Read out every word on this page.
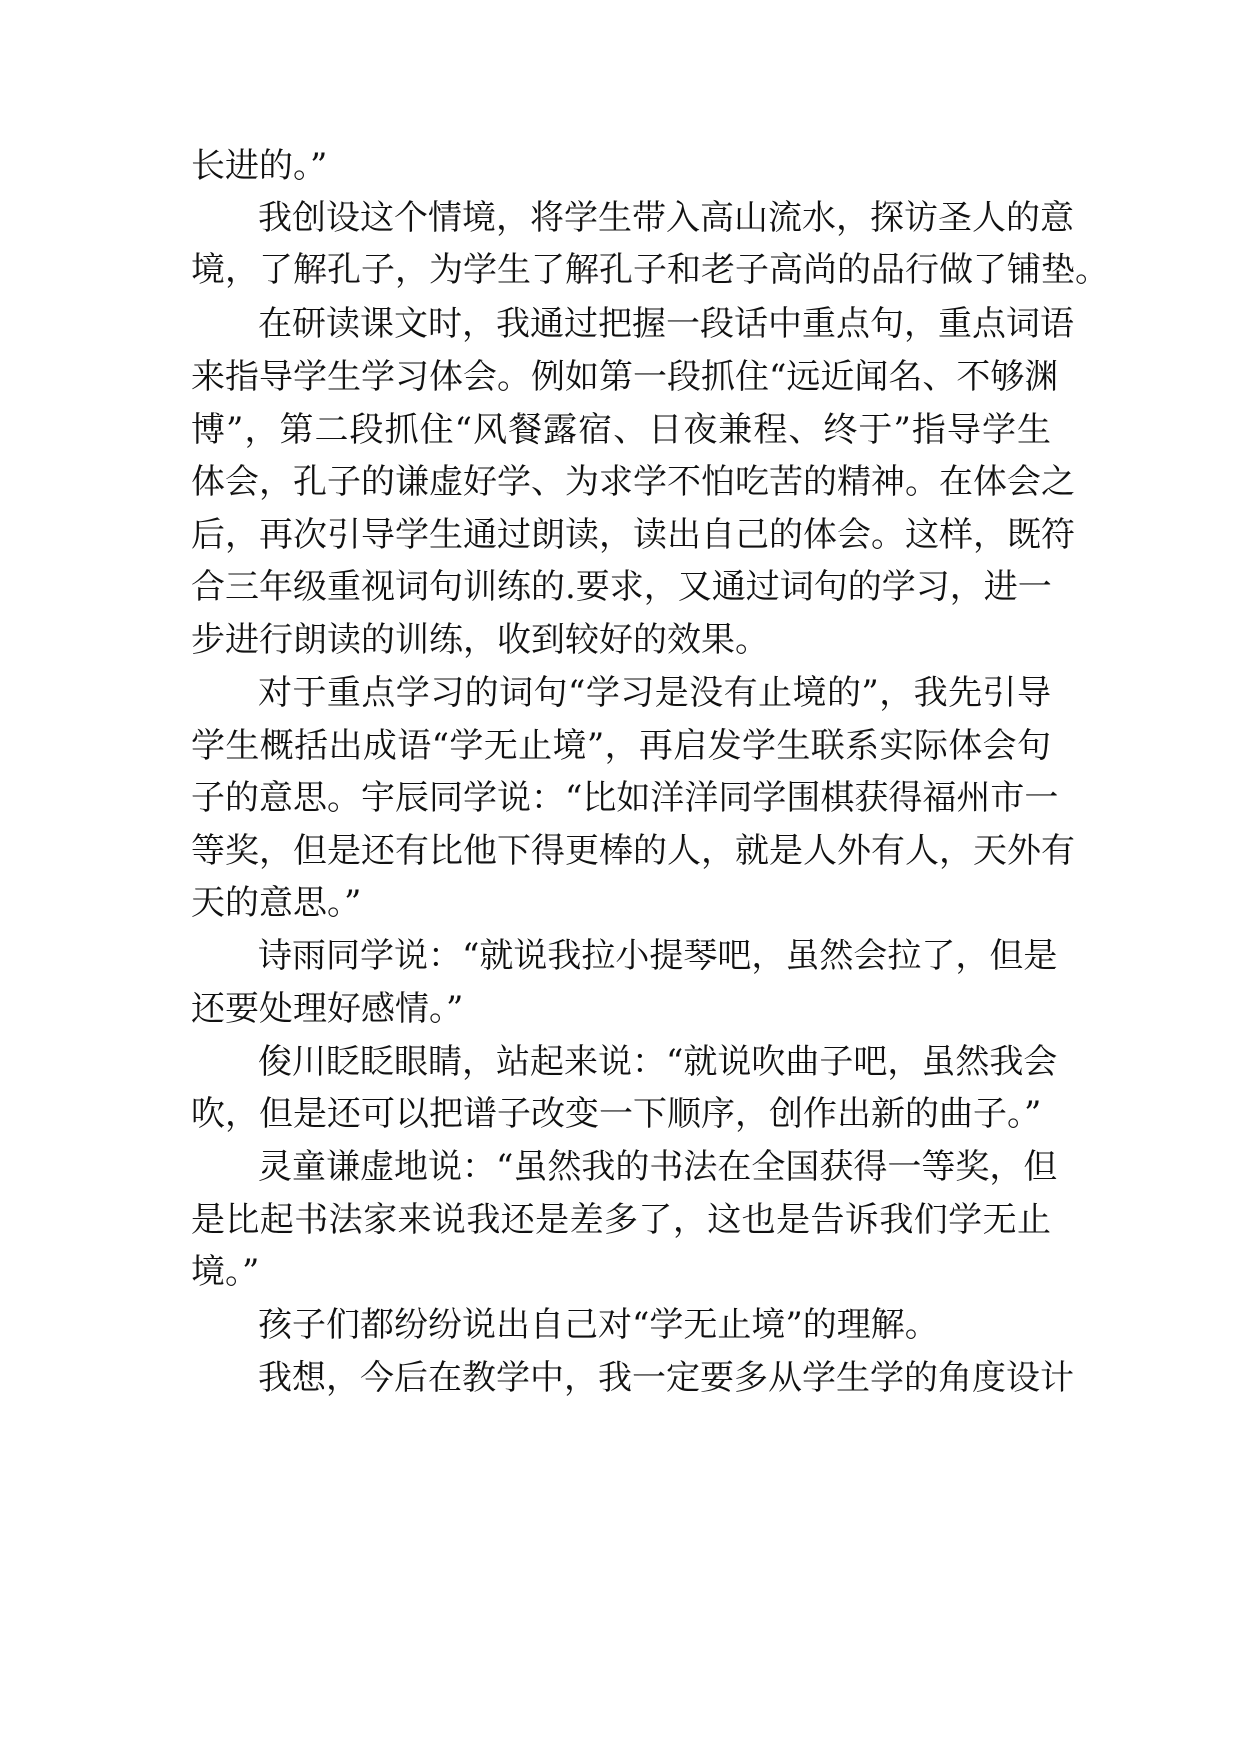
长进的。”
我创设这个情境，将学生带入高山流水，探访圣人的意
境，了解孔子，为学生了解孔子和老子高尚的品行做了铺垫。
在研读课文时，我通过把握一段话中重点句，重点词语
来指导学生学习体会。例如第一段抓住“远近闻名、不够渊
博”，第二段抓住“风餐露宿、日夜兼程、终于”指导学生
体会，孔子的谦虚好学、为求学不怕吃苦的精神。在体会之
后，再次引导学生通过朗读，读出自己的体会。这样，既符
合三年级重视词句训练的.要求，又通过词句的学习，进一
步进行朗读的训练，收到较好的效果。
对于重点学习的词句“学习是没有止境的”，我先引导
学生概括出成语“学无止境”，再启发学生联系实际体会句
子的意思。宇辰同学说：“比如洋洋同学围棋获得福州市一
等奖，但是还有比他下得更棒的人，就是人外有人，天外有
天的意思。”
诗雨同学说：“就说我拉小提琴吧，虽然会拉了，但是
还要处理好感情。”
俊川眨眨眼睛，站起来说：“就说吹曲子吧，虽然我会
吹，但是还可以把谱子改变一下顺序，创作出新的曲子。”
灵童谦虚地说：“虽然我的书法在全国获得一等奖，但
是比起书法家来说我还是差多了，这也是告诉我们学无止
境。”
孩子们都纷纷说出自己对“学无止境”的理解。
我想，今后在教学中，我一定要多从学生学的角度设计
